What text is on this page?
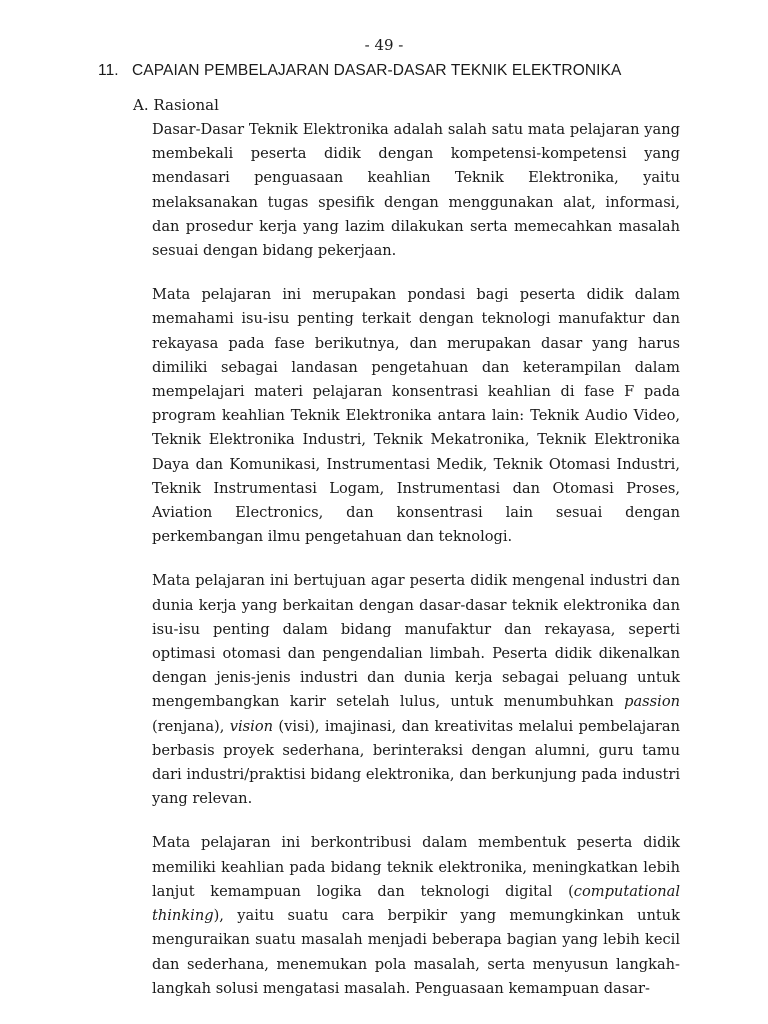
- 49 -
11. CAPAIAN PEMBELAJARAN DASAR-DASAR TEKNIK ELEKTRONIKA
A. Rasional

Dasar-Dasar Teknik Elektronika adalah salah satu mata pelajaran yang membekali peserta didik dengan kompetensi-kompetensi yang mendasari penguasaan keahlian Teknik Elektronika, yaitu melaksanakan tugas spesifik dengan menggunakan alat, informasi, dan prosedur kerja yang lazim dilakukan serta memecahkan masalah sesuai dengan bidang pekerjaan.

Mata pelajaran ini merupakan pondasi bagi peserta didik dalam memahami isu-isu penting terkait dengan teknologi manufaktur dan rekayasa pada fase berikutnya, dan merupakan dasar yang harus dimiliki sebagai landasan pengetahuan dan keterampilan dalam mempelajari materi pelajaran konsentrasi keahlian di fase F pada program keahlian Teknik Elektronika antara lain: Teknik Audio Video, Teknik Elektronika Industri, Teknik Mekatronika, Teknik Elektronika Daya dan Komunikasi, Instrumentasi Medik, Teknik Otomasi Industri, Teknik Instrumentasi Logam, Instrumentasi dan Otomasi Proses, Aviation Electronics, dan konsentrasi lain sesuai dengan perkembangan ilmu pengetahuan dan teknologi.

Mata pelajaran ini bertujuan agar peserta didik mengenal industri dan dunia kerja yang berkaitan dengan dasar-dasar teknik elektronika dan isu-isu penting dalam bidang manufaktur dan rekayasa, seperti optimasi otomasi dan pengendalian limbah. Peserta didik dikenalkan dengan jenis-jenis industri dan dunia kerja sebagai peluang untuk mengembangkan karir setelah lulus, untuk menumbuhkan passion (renjana), vision (visi), imajinasi, dan kreativitas melalui pembelajaran berbasis proyek sederhana, berinteraksi dengan alumni, guru tamu dari industri/praktisi bidang elektronika, dan berkunjung pada industri yang relevan.

Mata pelajaran ini berkontribusi dalam membentuk peserta didik memiliki keahlian pada bidang teknik elektronika, meningkatkan lebih lanjut kemampuan logika dan teknologi digital (computational thinking), yaitu suatu cara berpikir yang memungkinkan untuk menguraikan suatu masalah menjadi beberapa bagian yang lebih kecil dan sederhana, menemukan pola masalah, serta menyusun langkah-langkah solusi mengatasi masalah. Penguasaan kemampuan dasar-
